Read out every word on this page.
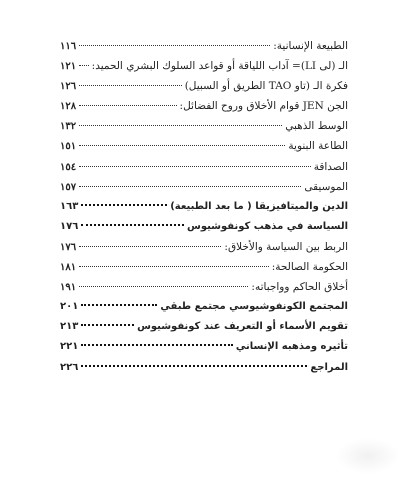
الطبيعة الإنسانية:
١١٦
الـ (لى LI)= آداب اللياقة أو قواعد السلوك البشري الحميد:
١٢١
فكرة الـ (تاو TAO الطريق أو السبيل)
١٢٦
الجن JEN قوام الأخلاق وروح الفضائل:
١٢٨
الوسط الذهبي
١٣٢
الطاعة البنوية
١٥١
الصداقة
١٥٤
الموسيقى
١٥٧
الدين والميتافيزيقا ( ما بعد الطبيعة)
١٦٣
السياسة في مذهب كونفوشيوس
١٧٦
الربط بين السياسة والأخلاق:
١٧٦
الحكومة الصالحة:
١٨١
أخلاق الحاكم وواجباته:
١٩١
المجتمع الكونفوشيوسي مجتمع طبقي
٢٠١
تقويم الأسماء أو التعريف عند كونفوشيوس
٢١٣
تأثيره ومذهبه الإنساني
٢٢١
المراجع
٢٢٦
